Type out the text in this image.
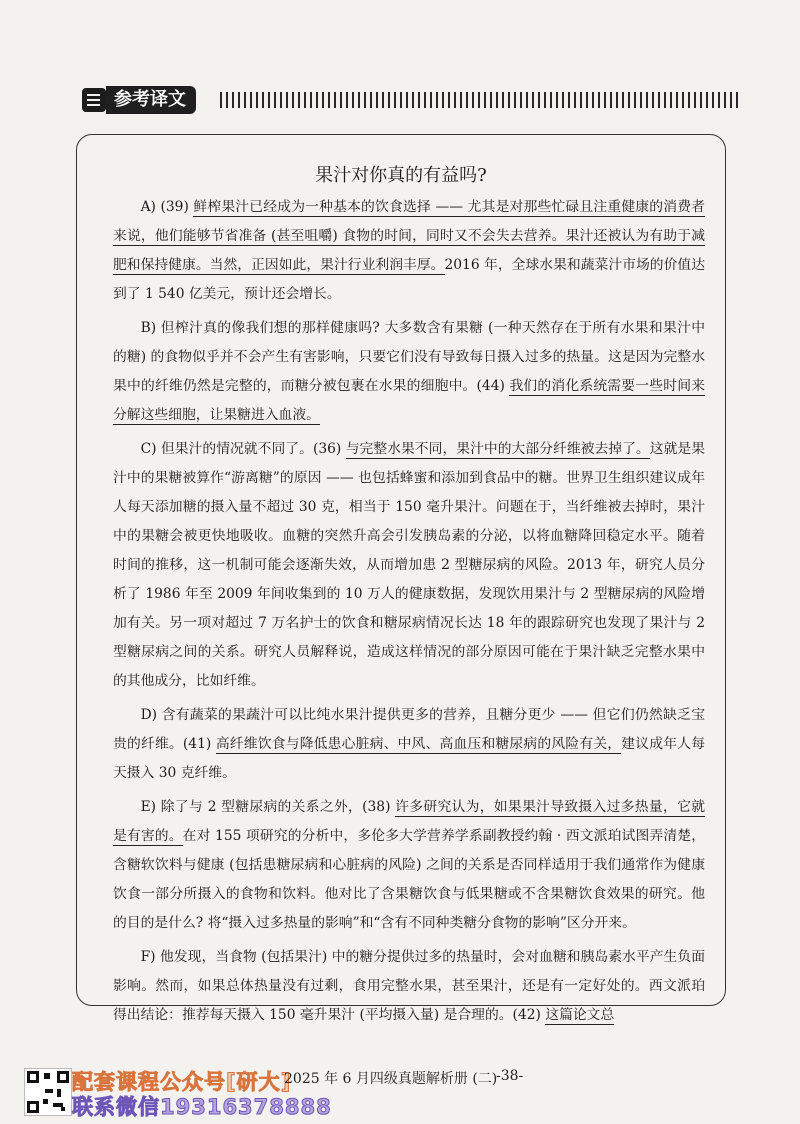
参考译文
果汁对你真的有益吗?

A) (39) 鲜榨果汁已经成为一种基本的饮食选择 —— 尤其是对那些忙碌且注重健康的消费者来说，他们能够节省准备 (甚至咀嚼) 食物的时间，同时又不会失去营养。果汁还被认为有助于减肥和保持健康。当然，正因如此，果汁行业利润丰厚。2016 年，全球水果和蔬菜汁市场的价值达到了 1 540 亿美元，预计还会增长。

B) 但榨汁真的像我们想的那样健康吗? 大多数含有果糖 (一种天然存在于所有水果和果汁中的糖) 的食物似乎并不会产生有害影响，只要它们没有导致每日摄入过多的热量。这是因为完整水果中的纤维仍然是完整的，而糖分被包裹在水果的细胞中。(44) 我们的消化系统需要一些时间来分解这些细胞，让果糖进入血液。

C) 但果汁的情况就不同了。(36) 与完整水果不同，果汁中的大部分纤维被去掉了。这就是果汁中的果糖被算作“游离糖”的原因 —— 也包括蜂蜜和添加到食品中的糖。世界卫生组织建议成年人每天添加糖的摄入量不超过 30 克，相当于 150 毫升果汁。问题在于，当纤维被去掉时，果汁中的果糖会被更快地吸收。血糖的突然升高会引发胰岛素的分泌，以将血糖降回稳定水平。随着时间的推移，这一机制可能会逐渐失效，从而增加患 2 型糖尿病的风险。2013 年，研究人员分析了 1986 年至 2009 年间收集到的 10 万人的健康数据，发现饮用果汁与 2 型糖尿病的风险增加有关。另一项对超过 7 万名护士的饮食和糖尿病情况长达 18 年的跟踪研究也发现了果汁与 2 型糖尿病之间的关系。研究人员解释说，造成这样情况的部分原因可能在于果汁缺乏完整水果中的其他成分，比如纤维。

D) 含有蔬菜的果蔬汁可以比纯水果汁提供更多的营养，且糖分更少 —— 但它们仍然缺乏宝贵的纤维。(41) 高纤维饮食与降低患心脏病、中风、高血压和糖尿病的风险有关，建议成年人每天摄入 30 克纤维。

E) 除了与 2 型糖尿病的关系之外，(38) 许多研究认为，如果果汁导致摄入过多热量，它就是有害的。在对 155 项研究的分析中，多伦多大学营养学系副教授约翰 · 西文派珀试图弄清楚，含糖软饮料与健康 (包括患糖尿病和心脏病的风险) 之间的关系是否同样适用于我们通常作为健康饮食一部分所摄入的食物和饮料。他对比了含果糖饮食与低果糖或不含果糖饮食效果的研究。他的目的是什么? 将“摄入过多热量的影响”和“含有不同种类糖分食物的影响”区分开来。

F) 他发现，当食物 (包括果汁) 中的糖分提供过多的热量时，会对血糖和胰岛素水平产生负面影响。然而，如果总体热量没有过剩，食用完整水果，甚至果汁，还是有一定好处的。西文派珀得出结论：推荐每天摄入 150 毫升果汁 (平均摄入量) 是合理的。(42) 这篇论文总

配套课程公众号[研大]
联系微信19316378888
2025 年 6 月四级真题解析册 (二)
-38-
